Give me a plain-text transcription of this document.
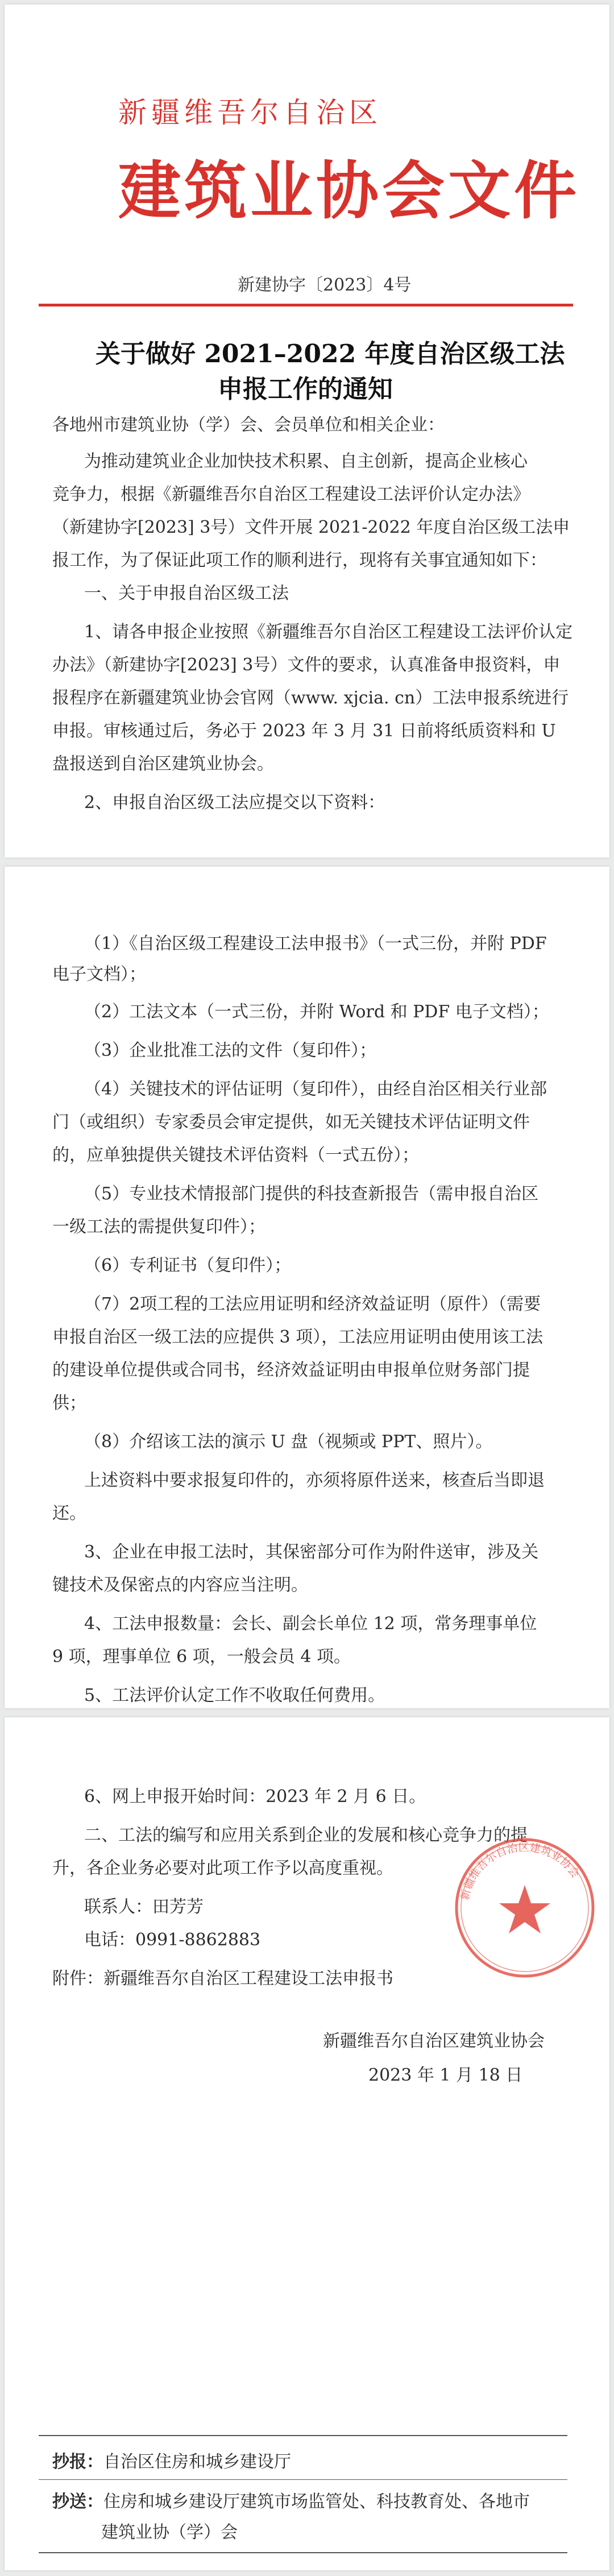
新疆维吾尔自治区
建筑业协会文件
新建协字〔2023〕4号
关于做好 2021–2022 年度自治区级工法
申报工作的通知
各地州市建筑业协（学）会、会员单位和相关企业：
为推动建筑业企业加快技术积累、自主创新，提高企业核心
竞争力，根据《新疆维吾尔自治区工程建设工法评价认定办法》
（新建协字[2023] 3号）文件开展 2021-2022 年度自治区级工法申
报工作，为了保证此项工作的顺利进行，现将有关事宜通知如下：
一、关于申报自治区级工法
1、请各申报企业按照《新疆维吾尔自治区工程建设工法评价认定
办法》（新建协字[2023] 3号）文件的要求，认真准备申报资料，申
报程序在新疆建筑业协会官网（www. xjcia. cn）工法申报系统进行
申报。审核通过后，务必于 2023 年 3 月 31 日前将纸质资料和 U
盘报送到自治区建筑业协会。
2、申报自治区级工法应提交以下资料：
（1）《自治区级工程建设工法申报书》（一式三份，并附 PDF
电子文档）；
（2）工法文本（一式三份，并附 Word 和 PDF 电子文档）；
（3）企业批准工法的文件（复印件）；
（4）关键技术的评估证明（复印件），由经自治区相关行业部
门（或组织）专家委员会审定提供，如无关键技术评估证明文件
的，应单独提供关键技术评估资料（一式五份）；
（5）专业技术情报部门提供的科技查新报告（需申报自治区
一级工法的需提供复印件）；
（6）专利证书（复印件）；
（7）2项工程的工法应用证明和经济效益证明（原件）（需要
申报自治区一级工法的应提供 3 项），工法应用证明由使用该工法
的建设单位提供或合同书，经济效益证明由申报单位财务部门提
供；
（8）介绍该工法的演示 U 盘（视频或 PPT、照片）。
上述资料中要求报复印件的，亦须将原件送来，核查后当即退
还。
3、企业在申报工法时，其保密部分可作为附件送审，涉及关
键技术及保密点的内容应当注明。
4、工法申报数量：会长、副会长单位 12 项，常务理事单位
9 项，理事单位 6 项，一般会员 4 项。
5、工法评价认定工作不收取任何费用。
6、网上申报开始时间：2023 年 2 月 6 日。
二、工法的编写和应用关系到企业的发展和核心竞争力的提
升，各企业务必要对此项工作予以高度重视。
联系人：田芳芳
电话：0991-8862883
附件：新疆维吾尔自治区工程建设工法申报书
新疆维吾尔自治区建筑业协会
2023 年 1 月 18 日
新疆维吾尔自治区建筑业协会
抄报：自治区住房和城乡建设厅
抄送：住房和城乡建设厅建筑市场监管处、科技教育处、各地市
建筑业协（学）会
